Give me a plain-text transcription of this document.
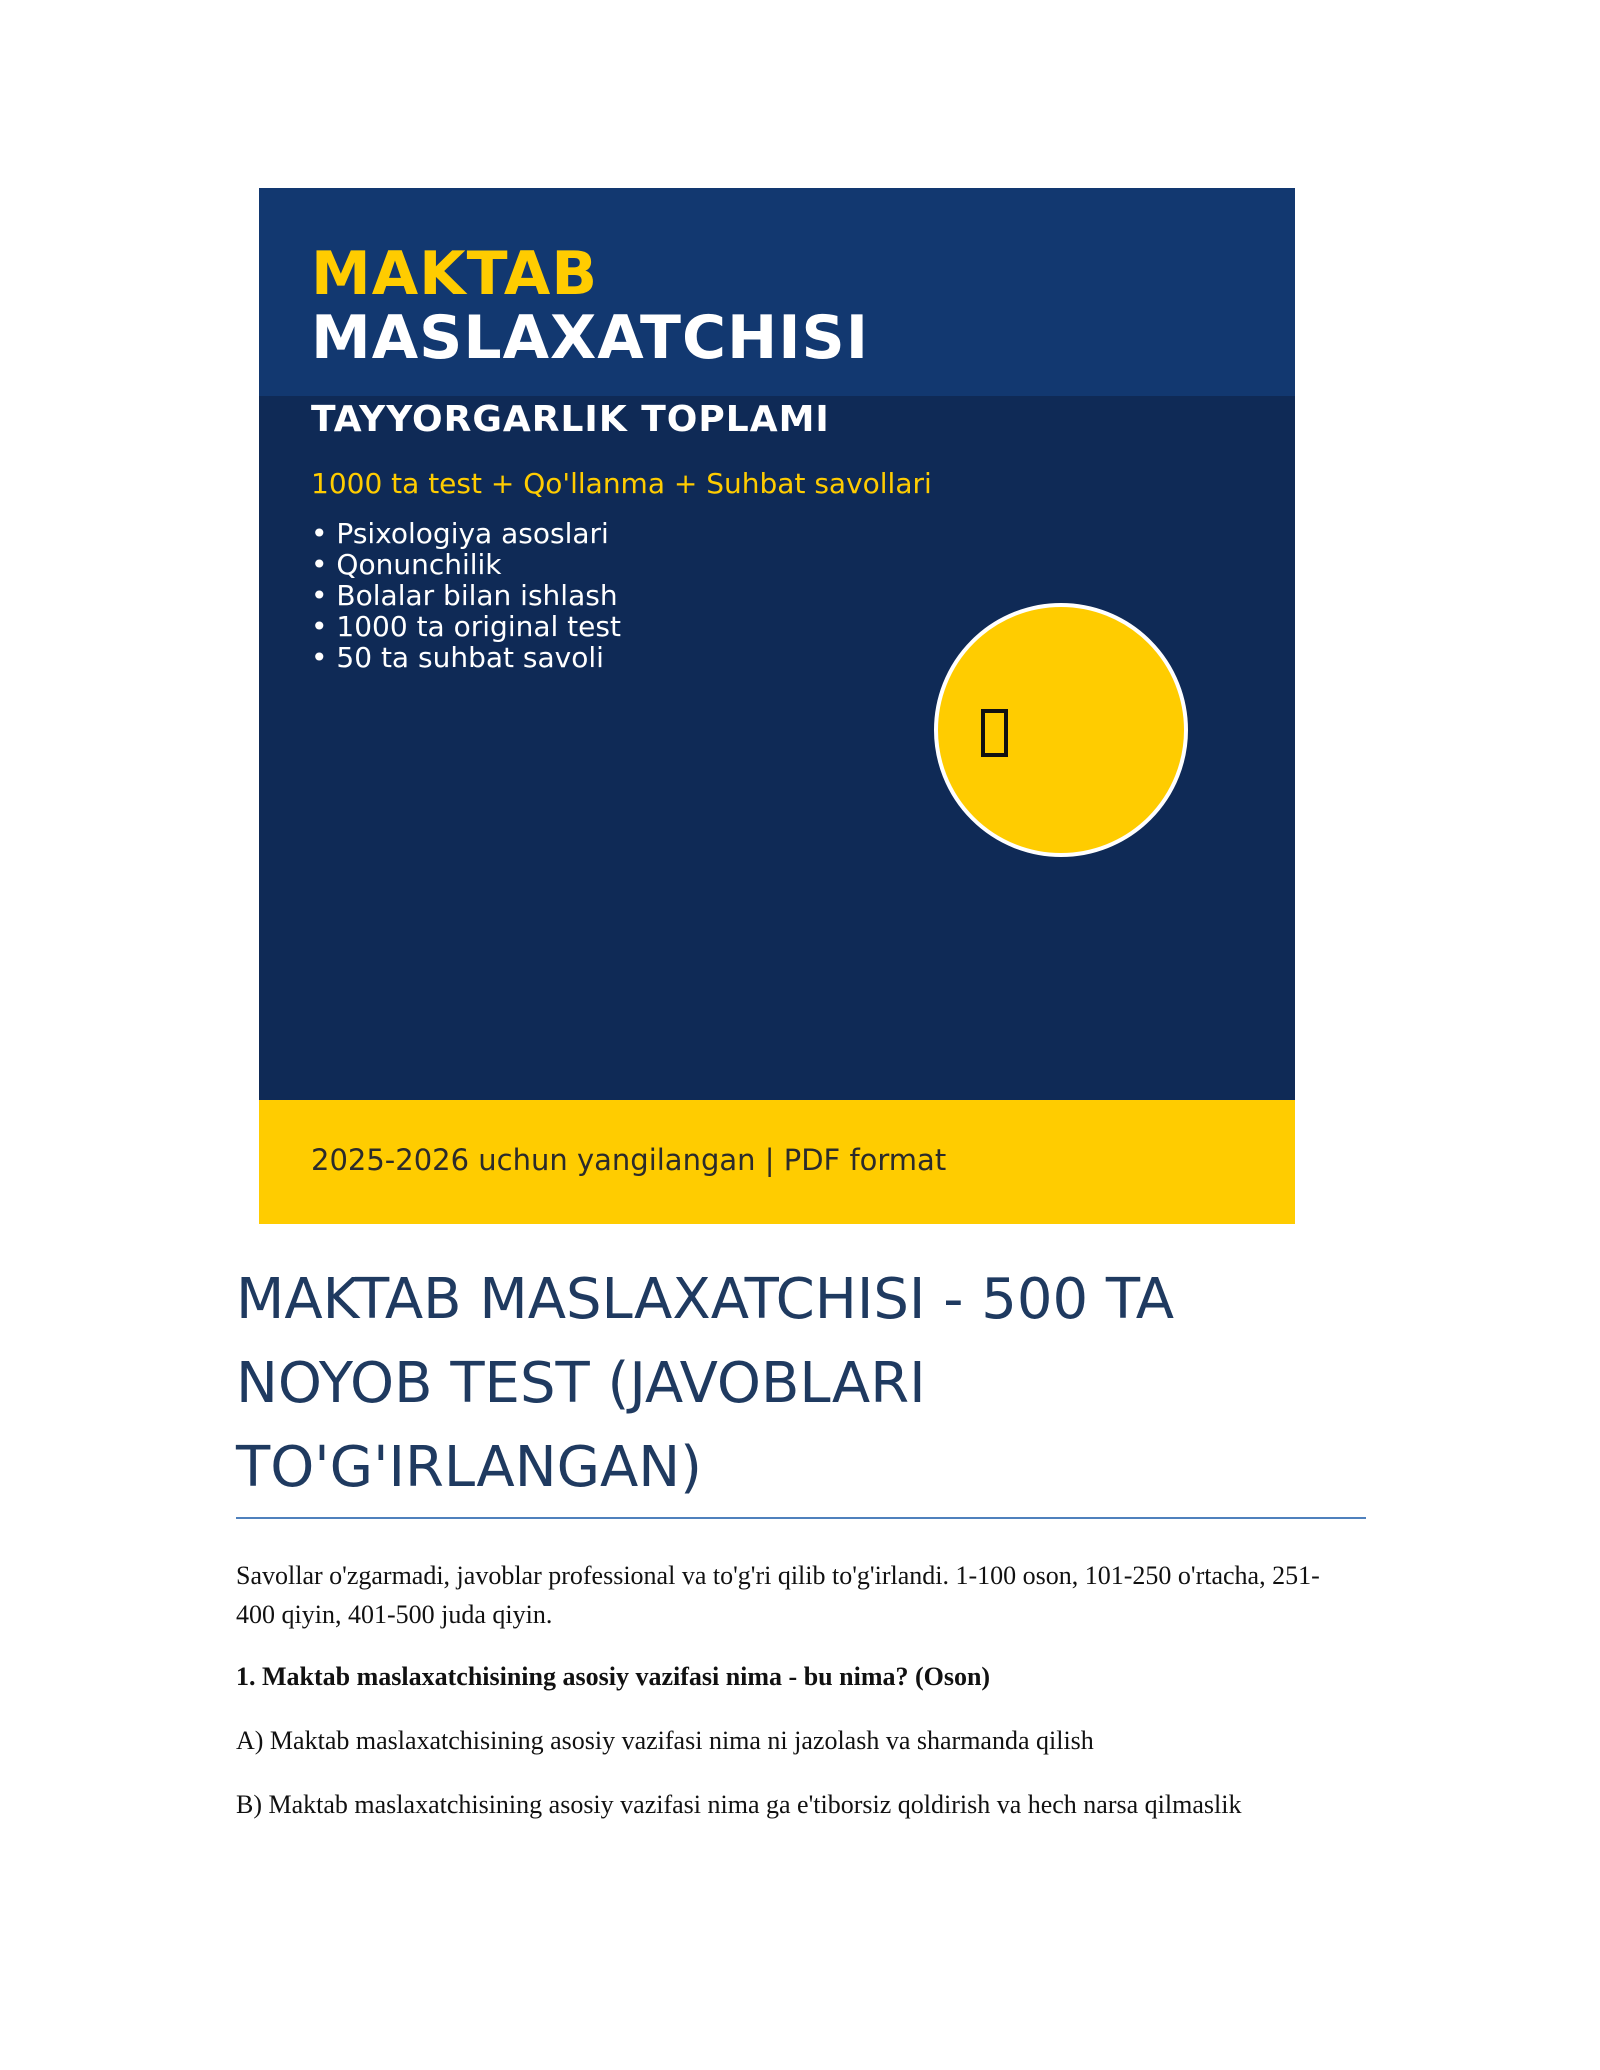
MAKTAB
MASLAXATCHISI
TAYYORGARLIK TOPLAMI
1000 ta test + Qo'llanma + Suhbat savollari
• Psixologiya asoslari
• Qonunchilik
• Bolalar bilan ishlash
• 1000 ta original test
• 50 ta suhbat savoli
2025-2026 uchun yangilangan | PDF format
MAKTAB MASLAXATCHISI - 500 TA NOYOB TEST (JAVOBLARI TO'G'IRLANGAN)

Savollar o'zgarmadi, javoblar professional va to'g'ri qilib to'g'irlandi. 1-100 oson, 101-250 o'rtacha, 251-400 qiyin, 401-500 juda qiyin.

1. Maktab maslaxatchisining asosiy vazifasi nima - bu nima? (Oson)

A) Maktab maslaxatchisining asosiy vazifasi nima ni jazolash va sharmanda qilish

B) Maktab maslaxatchisining asosiy vazifasi nima ga e'tiborsiz qoldirish va hech narsa qilmaslik
